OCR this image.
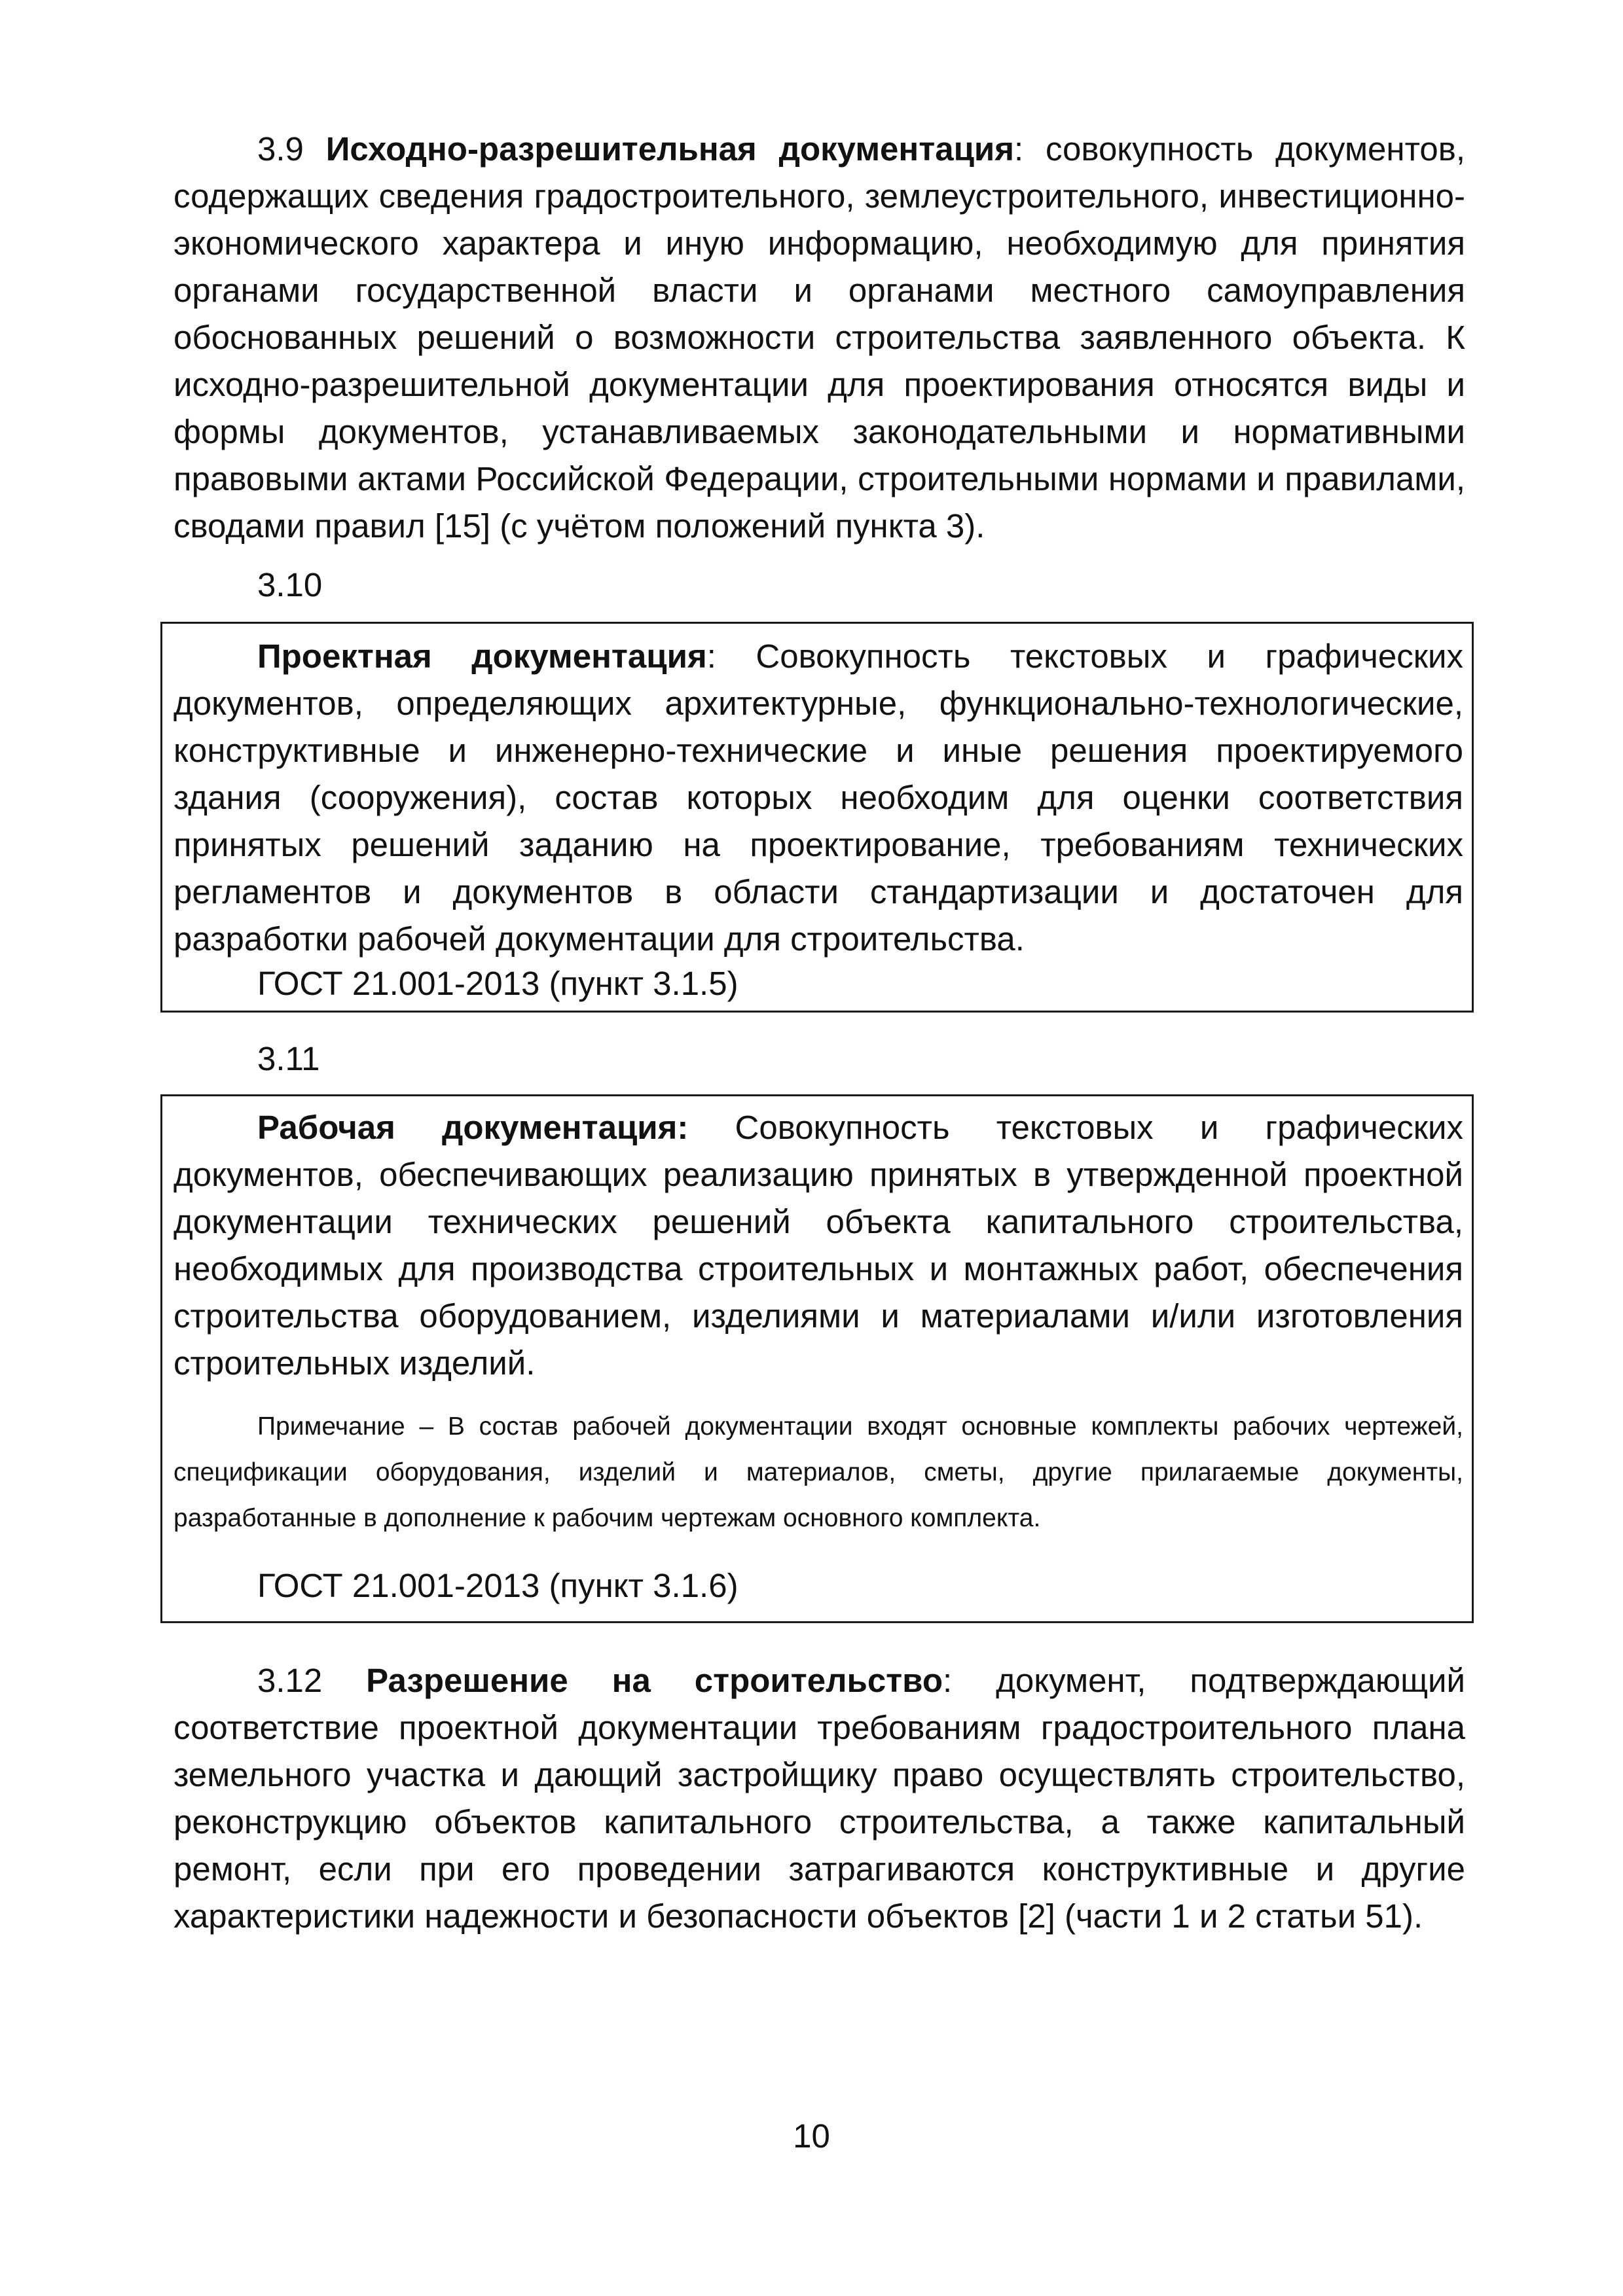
3.9 Исходно-разрешительная документация: совокупность документов, содержащих сведения градостроительного, землеустроительного, инвестиционно-экономического характера и иную информацию, необходимую для принятия органами государственной власти и органами местного самоуправления обоснованных решений о возможности строительства заявленного объекта. К исходно-разрешительной документации для проектирования относятся виды и формы документов, устанавливаемых законодательными и нормативными правовыми актами Российской Федерации, строительными нормами и правилами, сводами правил [15] (с учётом положений пункта 3).

3.10

Проектная документация: Совокупность текстовых и графических документов, определяющих архитектурные, функционально-технологические, конструктивные и инженерно-технические и иные решения проектируемого здания (сооружения), состав которых необходим для оценки соответствия принятых решений заданию на проектирование, требованиям технических регламентов и документов в области стандартизации и достаточен для разработки рабочей документации для строительства.

ГОСТ 21.001-2013 (пункт 3.1.5)

3.11

Рабочая документация: Совокупность текстовых и графических документов, обеспечивающих реализацию принятых в утвержденной проектной документации технических решений объекта капитального строительства, необходимых для производства строительных и монтажных работ, обеспечения строительства оборудованием, изделиями и материалами и/или изготовления строительных изделий.

Примечание – В состав рабочей документации входят основные комплекты рабочих чертежей, спецификации оборудования, изделий и материалов, сметы, другие прилагаемые документы, разработанные в дополнение к рабочим чертежам основного комплекта.

ГОСТ 21.001-2013 (пункт 3.1.6)

3.12 Разрешение на строительство: документ, подтверждающий соответствие проектной документации требованиям градостроительного плана земельного участка и дающий застройщику право осуществлять строительство, реконструкцию объектов капитального строительства, а также капитальный ремонт, если при его проведении затрагиваются конструктивные и другие характеристики надежности и безопасности объектов [2] (части 1 и 2 статьи 51).

10
